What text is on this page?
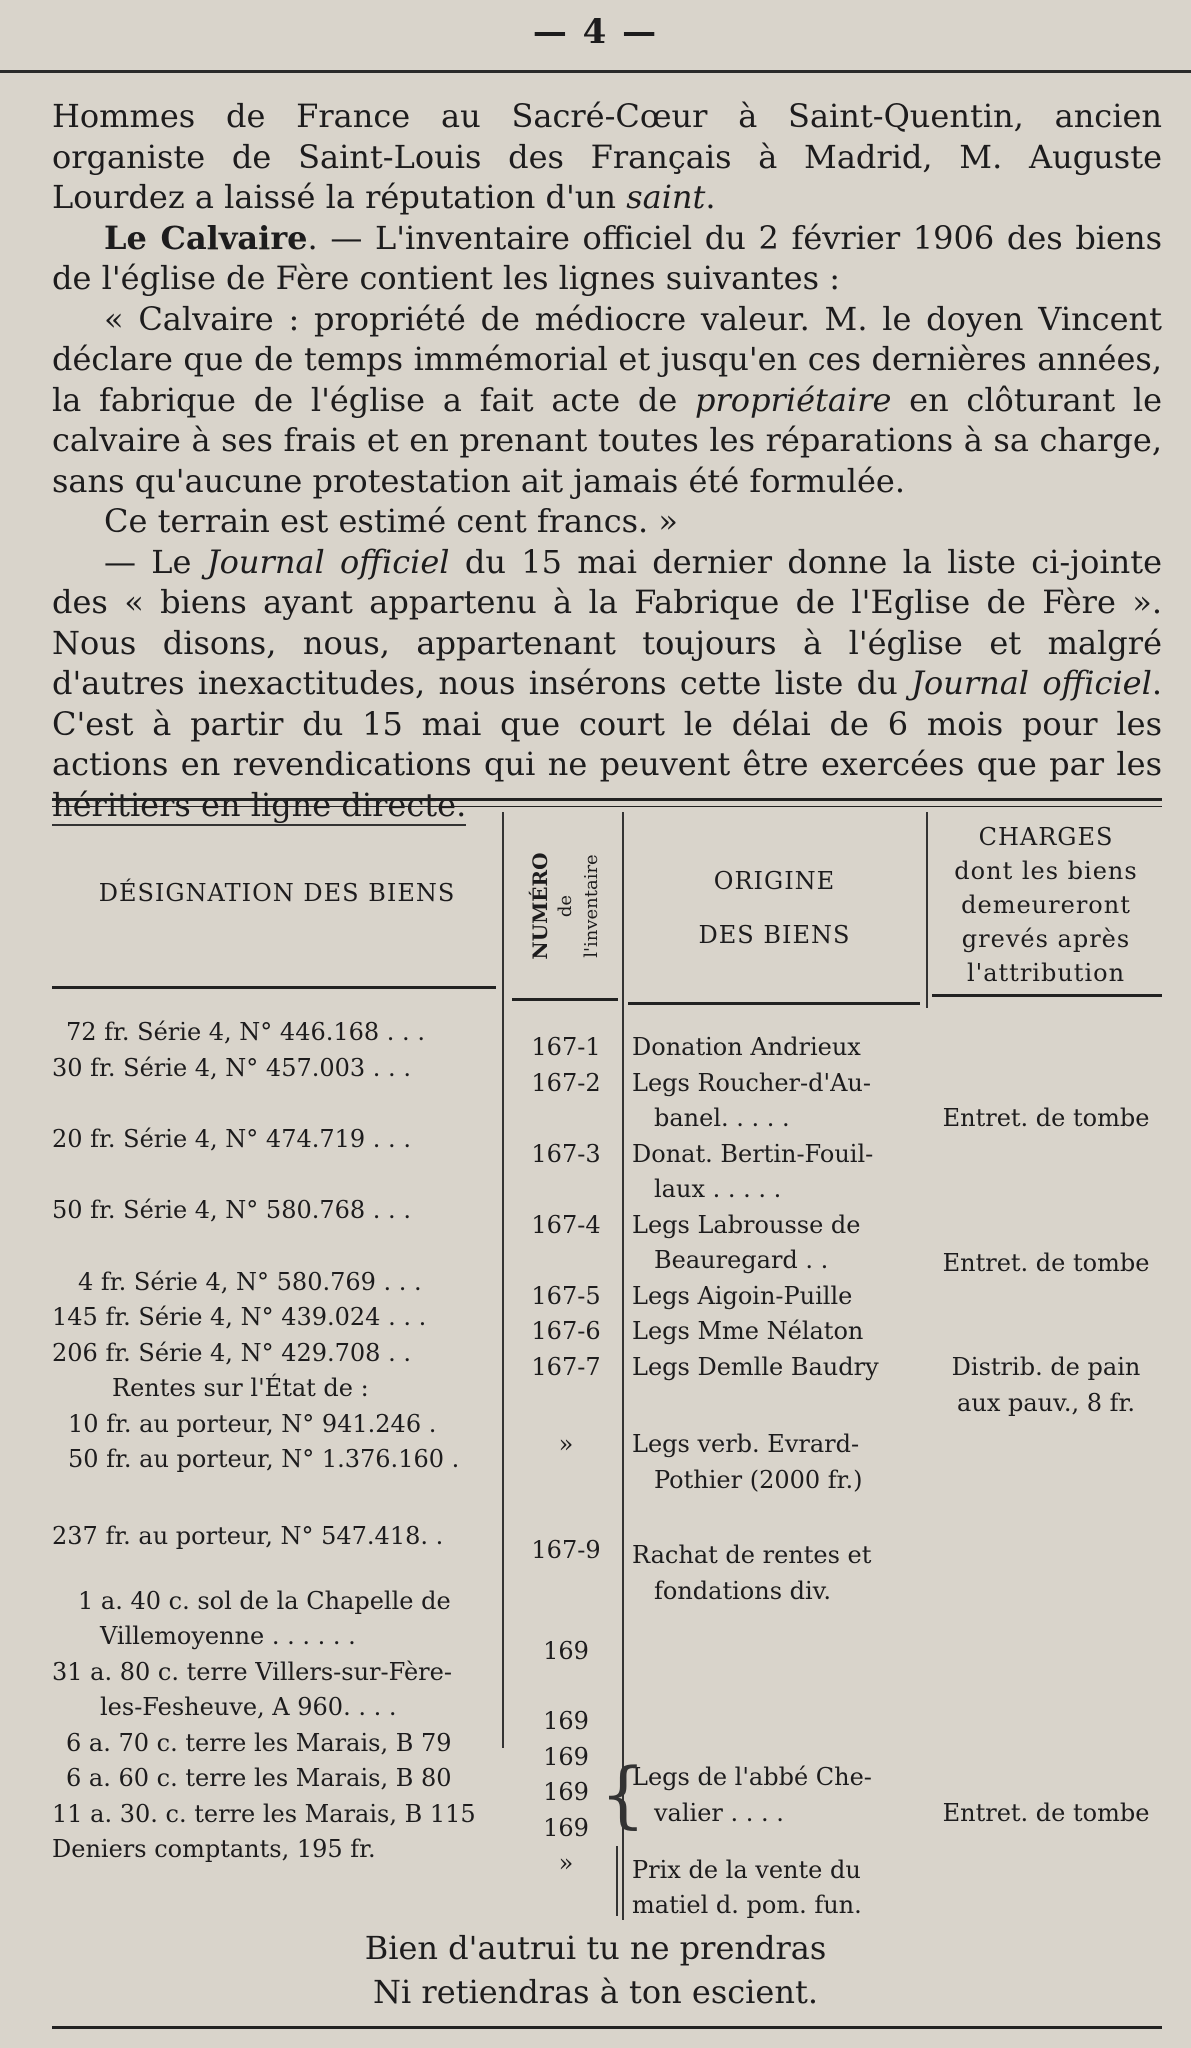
— 4 —

Hommes de France au Sacré-Cœur à Saint-Quentin, ancien organiste de Saint-Louis des Français à Madrid, M. Auguste Lourdez a laissé la réputation d'un saint.

Le Calvaire. — L'inventaire officiel du 2 février 1906 des biens de l'église de Fère contient les lignes suivantes :

« Calvaire : propriété de médiocre valeur. M. le doyen Vincent déclare que de temps immémorial et jusqu'en ces dernières années, la fabrique de l'église a fait acte de propriétaire en clôturant le calvaire à ses frais et en prenant toutes les réparations à sa charge, sans qu'aucune protestation ait jamais été formulée.

Ce terrain est estimé cent francs. »

— Le Journal officiel du 15 mai dernier donne la liste ci-jointe des « biens ayant appartenu à la Fabrique de l'Eglise de Fère ». Nous disons, nous, appartenant toujours à l'église et malgré d'autres inexactitudes, nous insérons cette liste du Journal officiel. C'est à partir du 15 mai que court le délai de 6 mois pour les actions en revendications qui ne peuvent être exercées que par les héritiers en ligne directe.

DÉSIGNATION DES BIENS	NUMÉRO de l'inventaire	ORIGINE
DES BIENS
CHARGES
dont les biens
demeureront
grevés après
l'attribution
72 fr. Série 4, N° 446.168 . . .
30 fr. Série 4, N° 457.003 . . .
20 fr. Série 4, N° 474.719 . . .
50 fr. Série 4, N° 580.768 . . .
4 fr. Série 4, N° 580.769 . . .
145 fr. Série 4, N° 439.024 . . .
206 fr. Série 4, N° 429.708 . .
Rentes sur l'État de :
10 fr. au porteur, N° 941.246 .
50 fr. au porteur, N° 1.376.160 .
237 fr. au porteur, N° 547.418. .
1 a. 40 c. sol de la Chapelle de
Villemoyenne . . . . . .
31 a. 80 c. terre Villers-sur-Fère-
les-Fesheuve, A 960. . . .
6 a. 70 c. terre les Marais, B 79
6 a. 60 c. terre les Marais, B 80
11 a. 30. c. terre les Marais, B 115
Deniers comptants, 195 fr.
167-1
167-2
167-3
167-4
167-5
167-6
167-7
»
167-9
169
169
169
169
169
»
Donation Andrieux
Legs Roucher-d'Au-
banel. . . . .
Donat. Bertin-Fouil-
laux . . . . .
Legs Labrousse de
Beauregard . .
Legs Aigoin-Puille
Legs Mme Nélaton
Legs Demlle Baudry
Legs verb. Evrard-
Pothier (2000 fr.)
Rachat de rentes et
fondations div.
Legs de l'abbé Che-
valier . . . .
Prix de la vente du
matiel d. pom. fun.
{
Entret. de tombe
Entret. de tombe
Distrib. de pain
aux pauv., 8 fr.
Entret. de tombe
Bien d'autrui tu ne prendras
Ni retiendras à ton escient.
